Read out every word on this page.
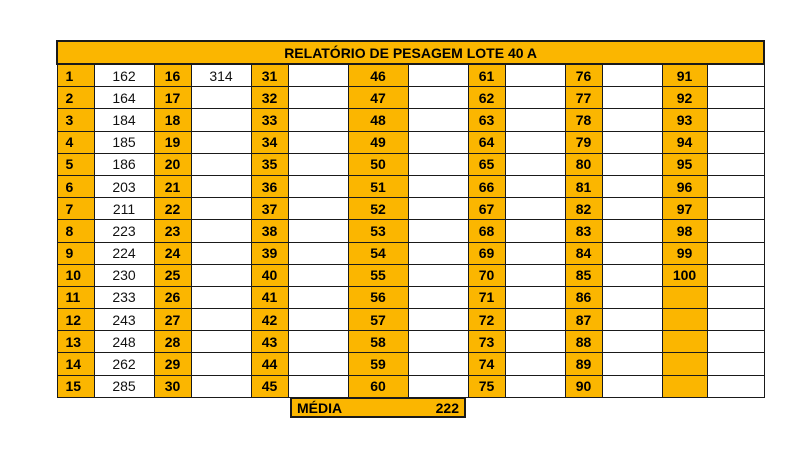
RELATÓRIO DE PESAGEM LOTE 40 A													
1	162	16	314	31		46		61		76		91	
2	164	17		32		47		62		77		92	
3	184	18		33		48		63		78		93	
4	185	19		34		49		64		79		94	
5	186	20		35		50		65		80		95	
6	203	21		36		51		66		81		96	
7	211	22		37		52		67		82		97	
8	223	23		38		53		68		83		98	
9	224	24		39		54		69		84		99	
10	230	25		40		55		70		85		100	
11	233	26		41		56		71		86			
12	243	27		42		57		72		87			
13	248	28		43		58		73		88			
14	262	29		44		59		74		89			
15	285	30		45		60		75		90			
MÉDIA	222
